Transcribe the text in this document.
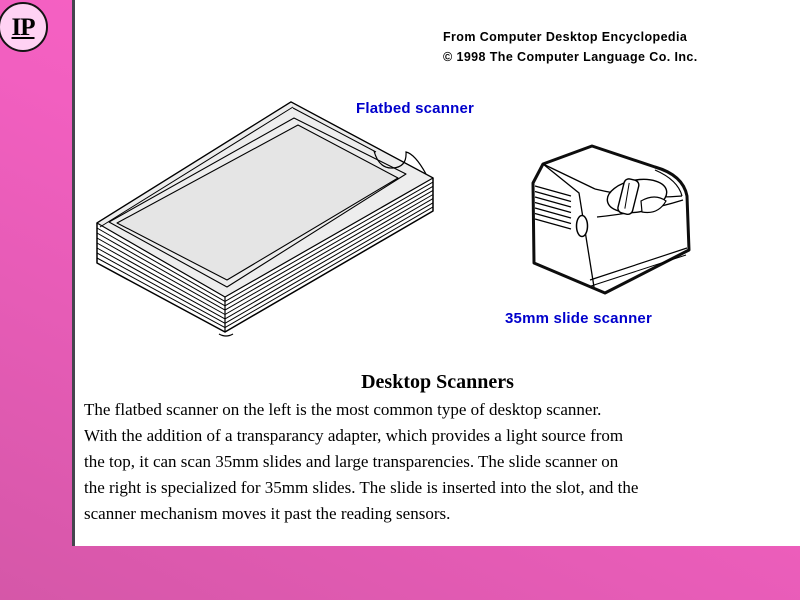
IP	From Computer Desktop Encyclopedia
© 1998 The Computer Language Co. Inc.
Flatbed scanner
35mm slide scanner
Desktop Scanners
The flatbed scanner on the left is the most common type of desktop scanner.
With the addition of a transparancy adapter, which provides a light source from
the top, it can scan 35mm slides and large transparencies. The slide scanner on
the right is specialized for 35mm slides. The slide is inserted into the slot, and the
scanner mechanism moves it past the reading sensors.
